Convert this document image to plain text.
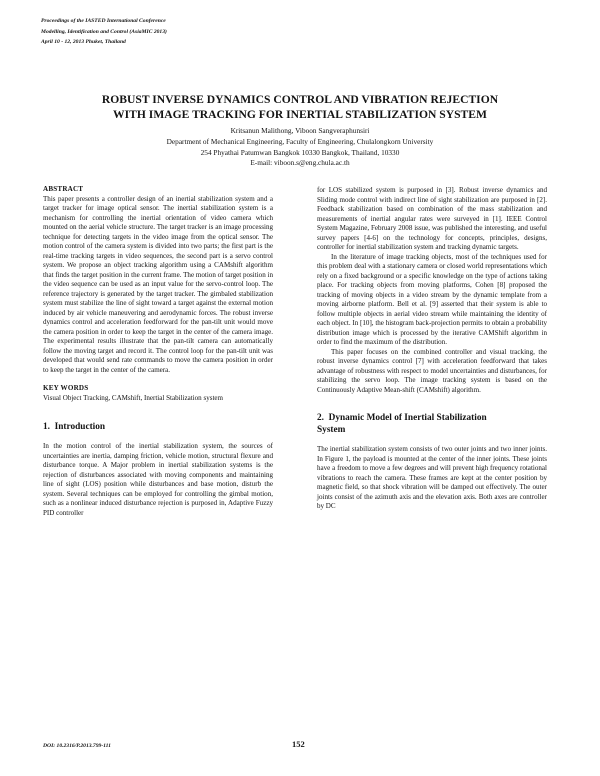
Proceedings of the IASTED International Conference
Modelling, Identification and Control (AsiaMIC 2013)
April 10 - 12, 2013 Phuket, Thailand
ROBUST INVERSE DYNAMICS CONTROL AND VIBRATION REJECTION
WITH IMAGE TRACKING FOR INERTIAL STABILIZATION SYSTEM
Kritsanun Malithong, Viboon Sangveraphunsiri
Department of Mechanical Engineering, Faculty of Engineering, Chulalongkorn University
254 Phyathai Patumwan Bangkok 10330 Bangkok, Thailand, 10330
E-mail: viboon.s@eng.chula.ac.th
ABSTRACT

This paper presents a controller design of an inertial stabilization system and a target tracker for image optical sensor. The inertial stabilization system is a mechanism for controlling the inertial orientation of video camera which mounted on the aerial vehicle structure. The target tracker is an image processing technique for detecting targets in the video image from the optical sensor. The motion control of the camera system is divided into two parts; the first part is the real-time tracking targets in video sequences, the second part is a servo control system. We propose an object tracking algorithm using a CAMshift algorithm that finds the target position in the current frame. The motion of target position in the video sequence can be used as an input value for the servo-control loop. The reference trajectory is generated by the target tracker. The gimbaled stabilization system must stabilize the line of sight toward a target against the external motion induced by air vehicle maneuvering and aerodynamic forces. The robust inverse dynamics control and acceleration feedforward for the pan-tilt unit would move the camera position in order to keep the target in the center of the camera image. The experimental results illustrate that the pan-tilt camera can automatically follow the moving target and record it. The control loop for the pan-tilt unit was developed that would send rate commands to move the camera position in order to keep the target in the center of the camera.

KEY WORDS

Visual Object Tracking, CAMshift, Inertial Stabilization system

1.  Introduction

In the motion control of the inertial stabilization system, the sources of uncertainties are inertia, damping friction, vehicle motion, structural flexure and disturbance torque. A Major problem in inertial stabilization systems is the rejection of disturbances associated with moving components and maintaining line of sight (LOS) position while disturbances and base motion, disturb the system. Several techniques can be employed for controlling the gimbal motion, such as a nonlinear induced disturbance rejection is purposed in, Adaptive Fuzzy PID controller

for LOS stabilized system is purposed in [3]. Robust inverse dynamics and Sliding mode control with indirect line of sight stabilization are purposed in [2]. Feedback stabilization based on combination of the mass stabilization and measurements of inertial angular rates were surveyed in [1]. IEEE Control System Magazine, February 2008 issue, was published the interesting, and useful survey papers [4-6] on the technology for concepts, principles, designs, controller for inertial stabilization system and tracking dynamic targets.

In the literature of image tracking objects, most of the techniques used for this problem deal with a stationary camera or closed world representations which rely on a fixed background or a specific knowledge on the type of actions taking place. For tracking objects from moving platforms, Cohen [8] proposed the tracking of moving objects in a video stream by the dynamic template from a moving airborne platform. Bell et al. [9] asserted that their system is able to follow multiple objects in aerial video stream while maintaining the identity of each object. In [10], the histogram back-projection permits to obtain a probability distribution image which is processed by the iterative CAMShift algorithm in order to find the maximum of the distribution.

This paper focuses on the combined controller and visual tracking, the robust inverse dynamics control [7] with acceleration feedforward that takes advantage of robustness with respect to model uncertainties and disturbances, for stabilizing the servo loop. The image tracking system is based on the Continuously Adaptive Mean-shift (CAMshift) algorithm.

2.  Dynamic Model of Inertial Stabilization
System

The inertial stabilization system consists of two outer joints and two inner joints. In Figure 1, the payload is mounted at the center of the inner joints. These joints have a freedom to move a few degrees and will prevent high frequency rotational vibrations to reach the camera. These frames are kept at the center position by magnetic field, so that shock vibration will be damped out effectively. The outer joints consist of the azimuth axis and the elevation axis. Both axes are controller by DC

DOI: 10.2316/P.2013.799-111	152
